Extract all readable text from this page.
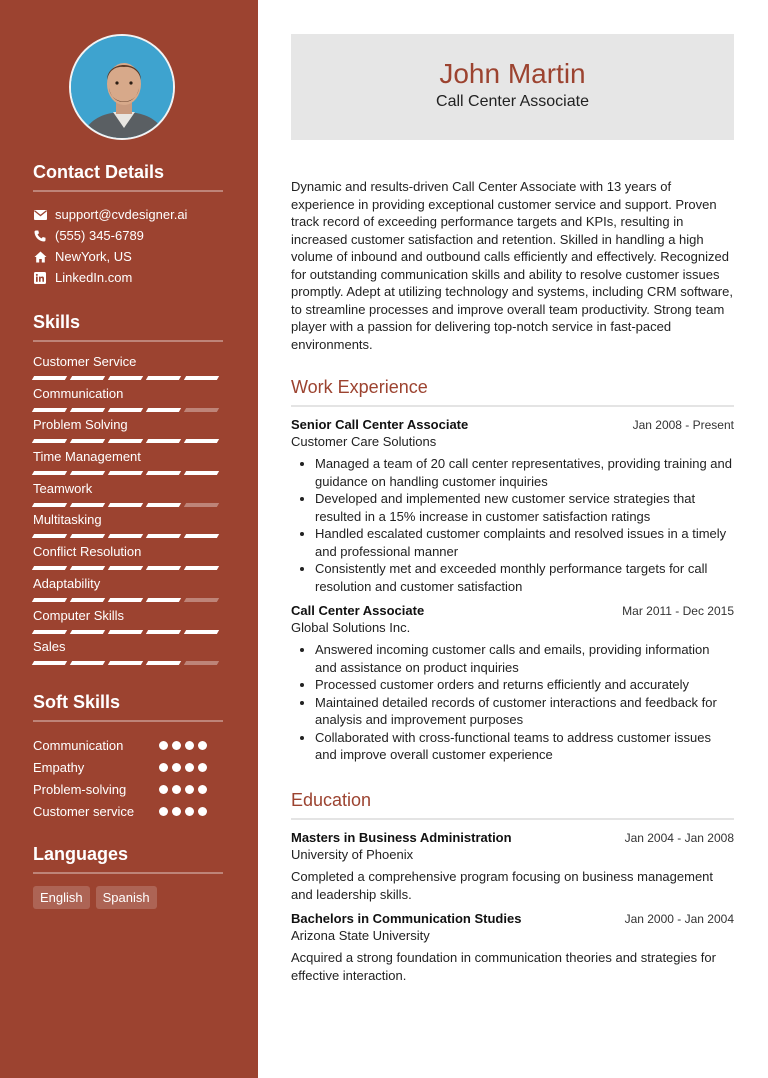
Contact Details
support@cvdesigner.ai
(555) 345-6789
NewYork, US
LinkedIn.com
Skills
Customer Service
Communication
Problem Solving
Time Management
Teamwork
Multitasking
Conflict Resolution
Adaptability
Computer Skills
Sales
Soft Skills
Communication
Empathy
Problem-solving
Customer service
Languages
English	Spanish
John Martin
Call Center Associate

Dynamic and results-driven Call Center Associate with 13 years of experience in providing exceptional customer service and support. Proven track record of exceeding performance targets and KPIs, resulting in increased customer satisfaction and retention. Skilled in handling a high volume of inbound and outbound calls efficiently and effectively. Recognized for outstanding communication skills and ability to resolve customer issues promptly. Adept at utilizing technology and systems, including CRM software, to streamline processes and improve overall team productivity. Strong team player with a passion for delivering top-notch service in fast-paced environments.

Work Experience
Senior Call Center Associate	Jan 2008 - Present
Customer Care Solutions
• Managed a team of 20 call center representatives, providing training and guidance on handling customer inquiries
• Developed and implemented new customer service strategies that resulted in a 15% increase in customer satisfaction ratings
• Handled escalated customer complaints and resolved issues in a timely and professional manner
• Consistently met and exceeded monthly performance targets for call resolution and customer satisfaction
Call Center Associate	Mar 2011 - Dec 2015
Global Solutions Inc.
• Answered incoming customer calls and emails, providing information and assistance on product inquiries
• Processed customer orders and returns efficiently and accurately
• Maintained detailed records of customer interactions and feedback for analysis and improvement purposes
• Collaborated with cross-functional teams to address customer issues and improve overall customer experience
Education
Masters in Business Administration	Jan 2004 - Jan 2008
University of Phoenix

Completed a comprehensive program focusing on business management and leadership skills.

Bachelors in Communication Studies	Jan 2000 - Jan 2004
Arizona State University

Acquired a strong foundation in communication theories and strategies for effective interaction.
